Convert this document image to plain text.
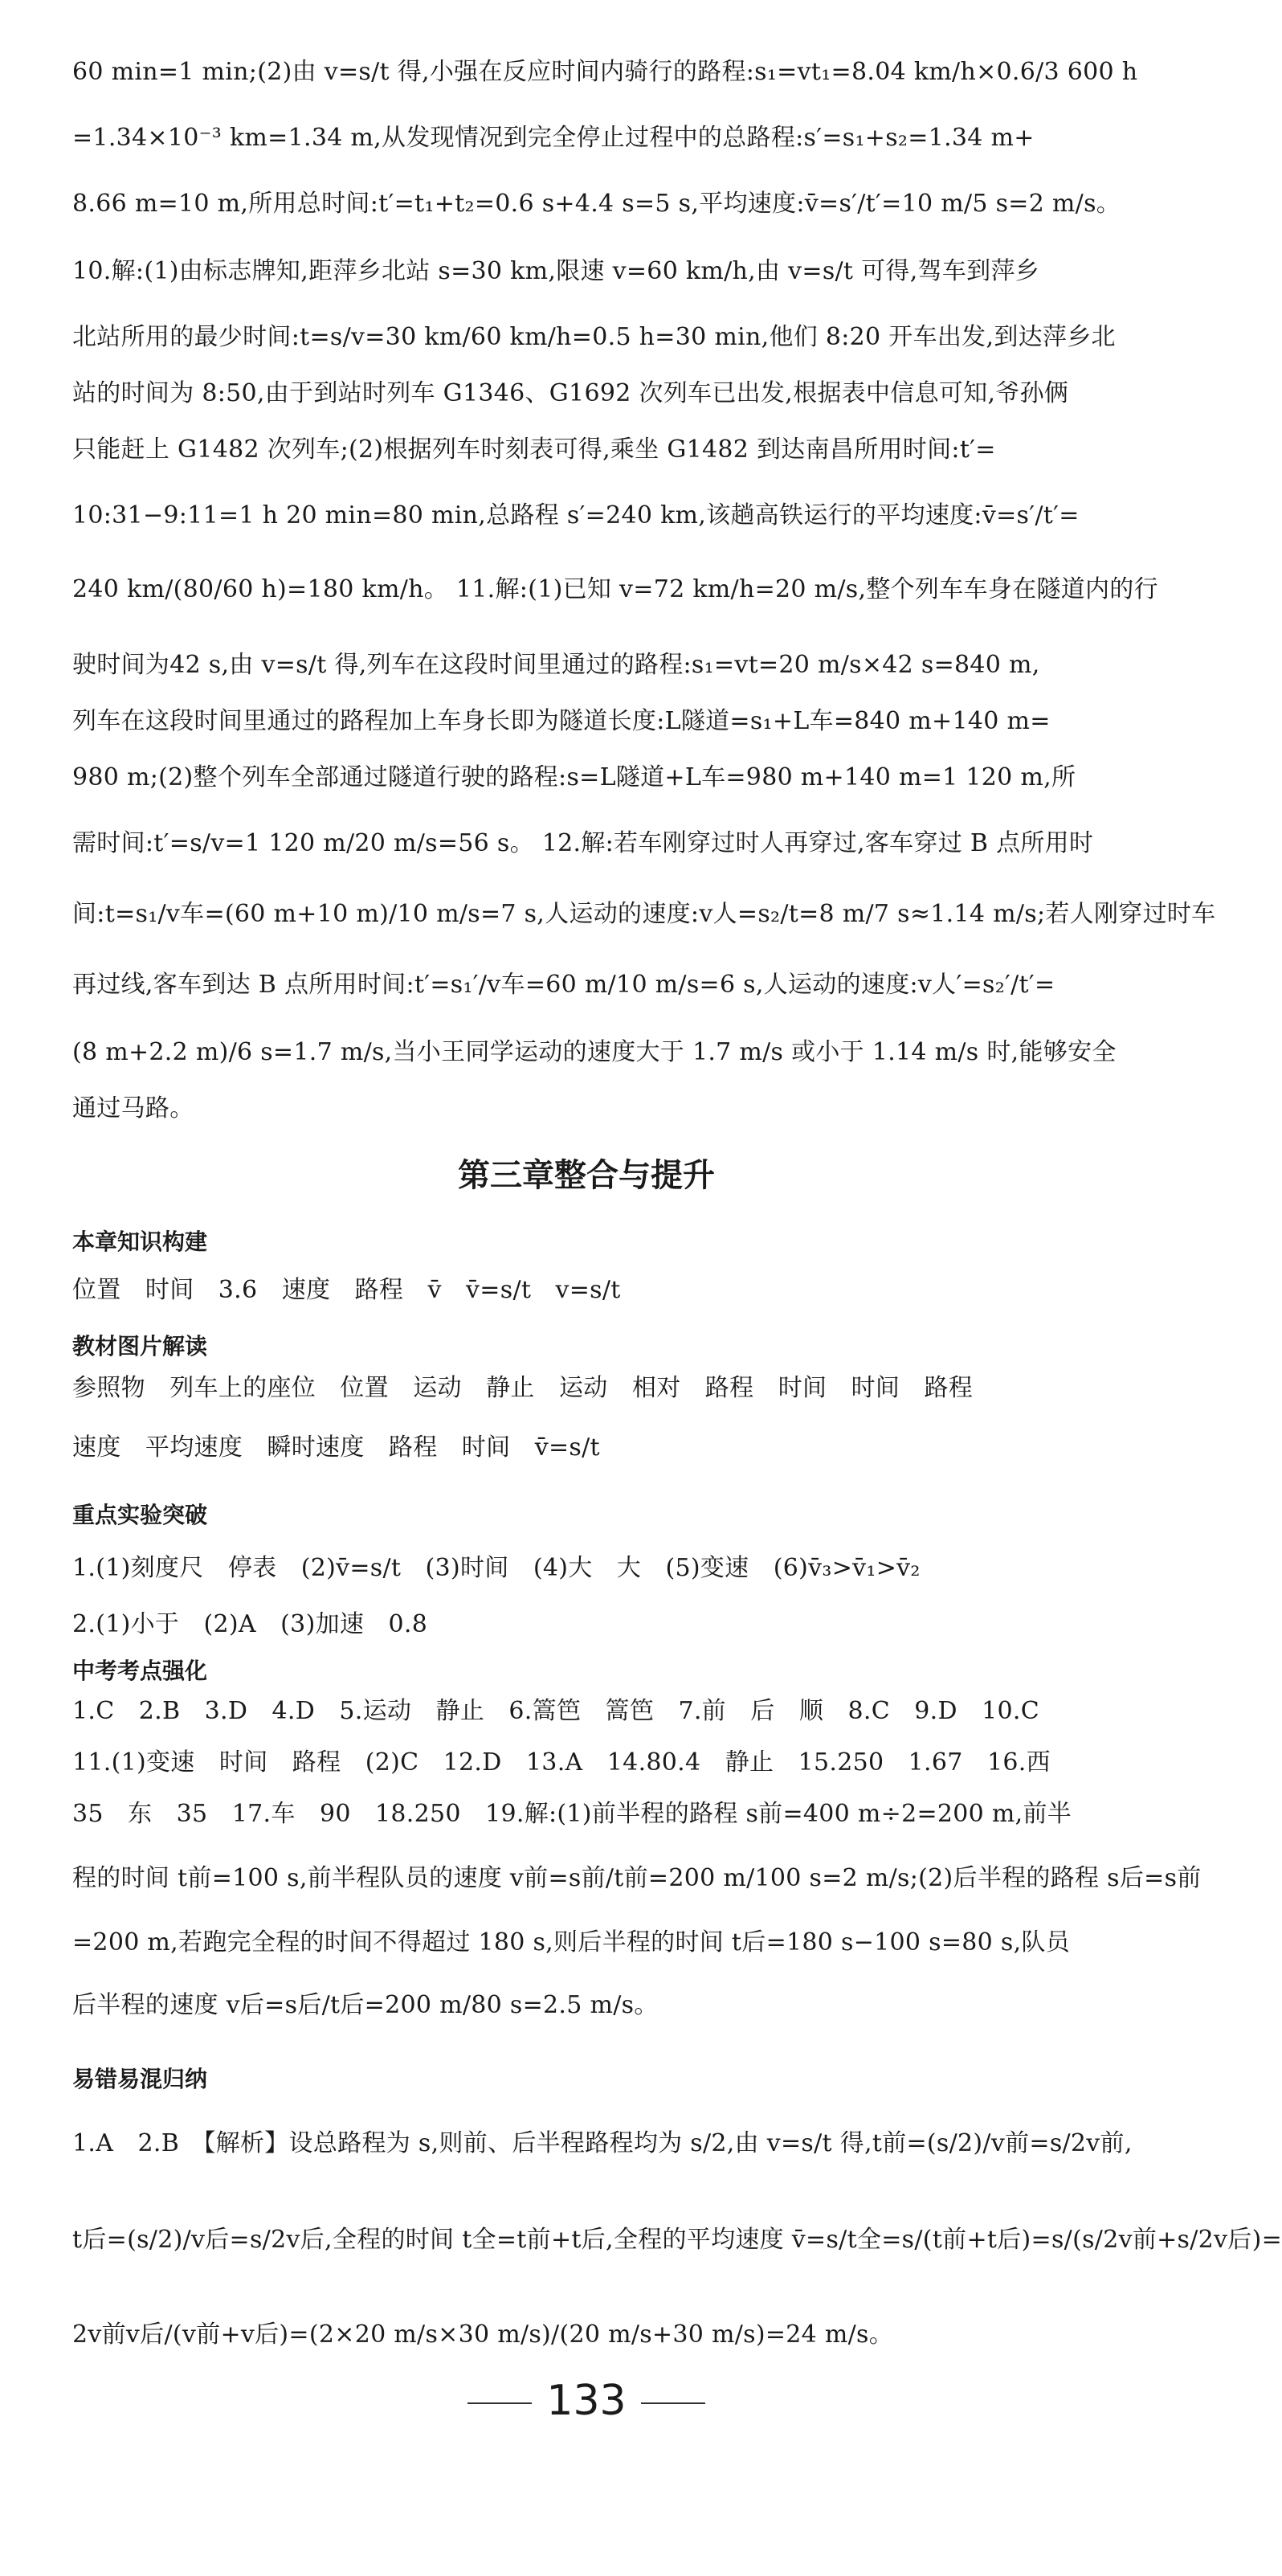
60 min=1 min;(2)由 v=s/t 得,小强在反应时间内骑行的路程:s₁=vt₁=8.04 km/h×0.6/3 600 h
=1.34×10⁻³ km=1.34 m,从发现情况到完全停止过程中的总路程:s′=s₁+s₂=1.34 m+
8.66 m=10 m,所用总时间:t′=t₁+t₂=0.6 s+4.4 s=5 s,平均速度:v̄=s′/t′=10 m/5 s=2 m/s。
10.解:(1)由标志牌知,距萍乡北站 s=30 km,限速 v=60 km/h,由 v=s/t 可得,驾车到萍乡
北站所用的最少时间:t=s/v=30 km/60 km/h=0.5 h=30 min,他们 8:20 开车出发,到达萍乡北
站的时间为 8:50,由于到站时列车 G1346、G1692 次列车已出发,根据表中信息可知,爷孙俩
只能赶上 G1482 次列车;(2)根据列车时刻表可得,乘坐 G1482 到达南昌所用时间:t′=
10:31−9:11=1 h 20 min=80 min,总路程 s′=240 km,该趟高铁运行的平均速度:v̄=s′/t′=
240 km/(80/60 h)=180 km/h。 11.解:(1)已知 v=72 km/h=20 m/s,整个列车车身在隧道内的行
驶时间为42 s,由 v=s/t 得,列车在这段时间里通过的路程:s₁=vt=20 m/s×42 s=840 m,
列车在这段时间里通过的路程加上车身长即为隧道长度:L隧道=s₁+L车=840 m+140 m=
980 m;(2)整个列车全部通过隧道行驶的路程:s=L隧道+L车=980 m+140 m=1 120 m,所
需时间:t′=s/v=1 120 m/20 m/s=56 s。 12.解:若车刚穿过时人再穿过,客车穿过 B 点所用时
间:t=s₁/v车=(60 m+10 m)/10 m/s=7 s,人运动的速度:v人=s₂/t=8 m/7 s≈1.14 m/s;若人刚穿过时车
再过线,客车到达 B 点所用时间:t′=s₁′/v车=60 m/10 m/s=6 s,人运动的速度:v人′=s₂′/t′=
(8 m+2.2 m)/6 s=1.7 m/s,当小王同学运动的速度大于 1.7 m/s 或小于 1.14 m/s 时,能够安全
通过马路。
第三章整合与提升
本章知识构建
位置　时间　3.6　速度　路程　v̄　v̄=s/t　v=s/t
教材图片解读
参照物　列车上的座位　位置　运动　静止　运动　相对　路程　时间　时间　路程
速度　平均速度　瞬时速度　路程　时间　v̄=s/t
重点实验突破
1.(1)刻度尺　停表　(2)v̄=s/t　(3)时间　(4)大　大　(5)变速　(6)v̄₃>v̄₁>v̄₂
2.(1)小于　(2)A　(3)加速　0.8
中考考点强化
1.C　2.B　3.D　4.D　5.运动　静止　6.篙笆　篙笆　7.前　后　顺　8.C　9.D　10.C
11.(1)变速　时间　路程　(2)C　12.D　13.A　14.80.4　静止　15.250　1.67　16.西
35　东　35　17.车　90　18.250　19.解:(1)前半程的路程 s前=400 m÷2=200 m,前半
程的时间 t前=100 s,前半程队员的速度 v前=s前/t前=200 m/100 s=2 m/s;(2)后半程的路程 s后=s前
=200 m,若跑完全程的时间不得超过 180 s,则后半程的时间 t后=180 s−100 s=80 s,队员
后半程的速度 v后=s后/t后=200 m/80 s=2.5 m/s。
易错易混归纳
1.A　2.B　【解析】设总路程为 s,则前、后半程路程均为 s/2,由 v=s/t 得,t前=(s/2)/v前=s/2v前,
t后=(s/2)/v后=s/2v后,全程的时间 t全=t前+t后,全程的平均速度 v̄=s/t全=s/(t前+t后)=s/(s/2v前+s/2v后)=
2v前v后/(v前+v后)=(2×20 m/s×30 m/s)/(20 m/s+30 m/s)=24 m/s。
133
